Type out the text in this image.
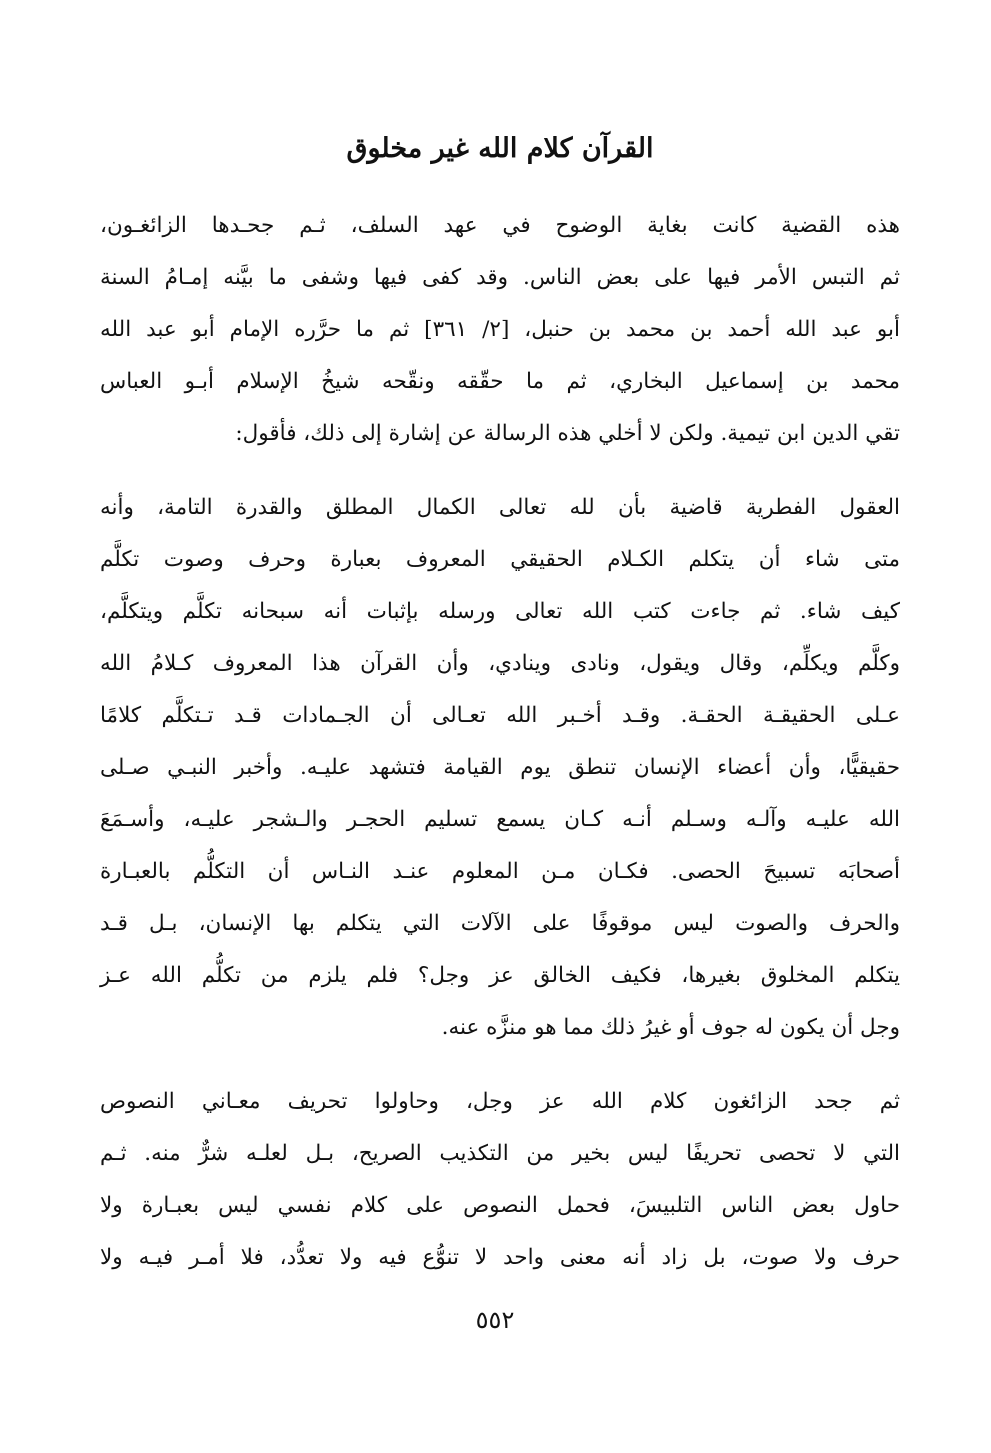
القرآن كلام الله غير مخلوق

هذه القضية كانت بغاية الوضوح في عهد السلف، ثـم جحـدها الزائغـون،
ثم التبس الأمر فيها على بعض الناس. وقد كفى فيها وشفى ما بيَّنه إمـامُ السنة
أبو عبد الله أحمد بن محمد بن حنبل، [٢/ ٣٦١] ثم ما حرَّره الإمام أبو عبد الله
محمد بن إسماعيل البخاري، ثم ما حقّقه ونقّحه شيخُ الإسلام أبـو العباس
تقي الدين ابن تيمية. ولكن لا أخلي هذه الرسالة عن إشارة إلى ذلك، فأقول:

العقول الفطرية قاضية بأن لله تعالى الكمال المطلق والقدرة التامة، وأنه
متى شاء أن يتكلم الكـلام الحقيقي المعروف بعبارة وحرف وصوت تكلَّم
كيف شاء. ثم جاءت كتب الله تعالى ورسله بإثبات أنه سبحانه تكلَّم ويتكلَّم،
وكلَّم ويكلِّم، وقال ويقول، ونادى وينادي، وأن القرآن هذا المعروف كـلامُ الله
عـلى الحقيقـة الحقـة. وقـد أخـبر الله تعـالى أن الجـمادات قـد تـتكلَّم كلامًا
حقيقيًّا، وأن أعضاء الإنسان تنطق يوم القيامة فتشهد عليـه. وأخبر النبـي صـلى
الله عليـه وآلـه وسـلم أنـه كـان يسمع تسليم الحجـر والـشجر عليـه، وأسـمَعَ
أصحابَه تسبيحَ الحصى. فكـان مـن المعلوم عنـد النـاس أن التكلُّم بالعبـارة
والحرف والصوت ليس موقوفًا على الآلات التي يتكلم بها الإنسان، بـل قـد
يتكلم المخلوق بغيرها، فكيف الخالق عز وجل؟ فلم يلزم من تكلُّم الله عـز
وجل أن يكون له جوف أو غيرُ ذلك مما هو منزَّه عنه.

ثم جحد الزائغون كلام الله عز وجل، وحاولوا تحريف معـاني النصوص
التي لا تحصى تحريفًا ليس بخير من التكذيب الصريح، بـل لعلـه شرٌّ منه. ثـم
حاول بعض الناس التلبيسَ، فحمل النصوص على كلام نفسي ليس بعبـارة ولا
حرف ولا صوت، بل زاد أنه معنى واحد لا تنوُّع فيه ولا تعدُّد، فلا أمـر فيـه ولا

٥٥٢
